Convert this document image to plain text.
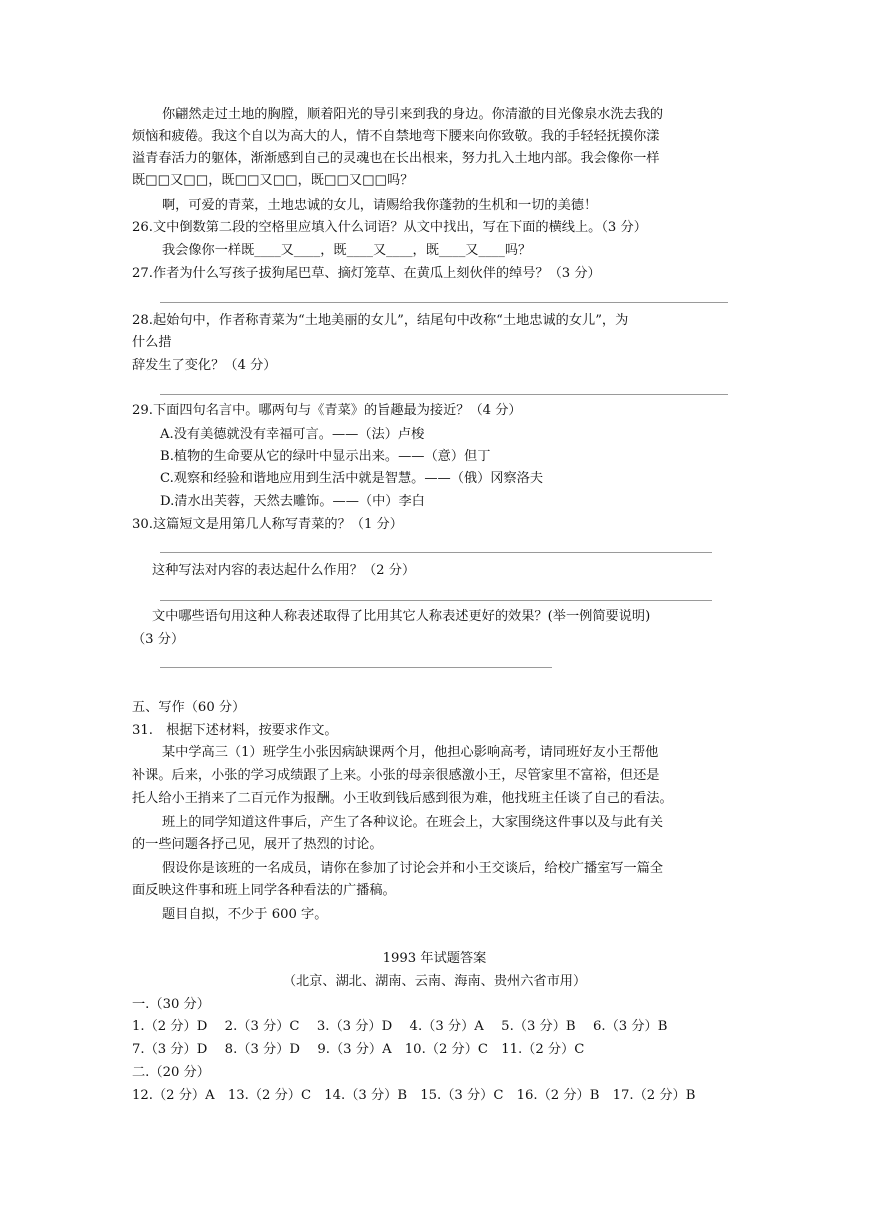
你翩然走过土地的胸膛，顺着阳光的导引来到我的身边。你清澈的目光像泉水洗去我的
烦恼和疲倦。我这个自以为高大的人，情不自禁地弯下腰来向你致敬。我的手轻轻抚摸你漾
溢青春活力的躯体，渐渐感到自己的灵魂也在长出根来，努力扎入土地内部。我会像你一样
既□□又□□，既□□又□□，既□□又□□吗？
啊，可爱的青菜，土地忠诚的女儿，请赐给我你蓬勃的生机和一切的美德！
26.文中倒数第二段的空格里应填入什么词语？从文中找出，写在下面的横线上。（3 分）
我会像你一样既____又____，既____又____，既____又____吗？
27.作者为什么写孩子拔狗尾巴草、摘灯笼草、在黄瓜上刻伙伴的绰号？（3 分）
28.起始句中，作者称青菜为“土地美丽的女儿”，结尾句中改称“土地忠诚的女儿”，为
什么措
辞发生了变化？（4 分）
29.下面四句名言中。哪两句与《青菜》的旨趣最为接近？（4 分）
A.没有美德就没有幸福可言。——（法）卢梭
B.植物的生命要从它的绿叶中显示出来。——（意）但丁
C.观察和经验和谐地应用到生活中就是智慧。——（俄）冈察洛夫
D.清水出芙蓉，天然去雕饰。——（中）李白
30.这篇短文是用第几人称写青菜的？（1 分）
这种写法对内容的表达起什么作用？（2 分）
文中哪些语句用这种人称表述取得了比用其它人称表述更好的效果？(举一例简要说明)
（3 分）
五、写作（60 分）
31.　根据下述材料，按要求作文。
某中学高三（1）班学生小张因病缺课两个月，他担心影响高考，请同班好友小王帮他
补课。后来，小张的学习成绩跟了上来。小张的母亲很感激小王，尽管家里不富裕，但还是
托人给小王捎来了二百元作为报酬。小王收到钱后感到很为难，他找班主任谈了自己的看法。
班上的同学知道这件事后，产生了各种议论。在班会上，大家围绕这件事以及与此有关
的一些问题各抒己见，展开了热烈的讨论。
假设你是该班的一名成员，请你在参加了讨论会并和小王交谈后，给校广播室写一篇全
面反映这件事和班上同学各种看法的广播稿。
题目自拟，不少于 600 字。
1993 年试题答案
（北京、湖北、湖南、云南、海南、贵州六省市用）
一.（30 分）
1.（2 分）D　 2.（3 分）C　 3.（3 分）D　 4.（3 分）A　 5.（3 分）B　 6.（3 分）B
7.（3 分）D　 8.（3 分）D　 9.（3 分）A　10.（2 分）C　11.（2 分）C
二.（20 分）
12.（2 分）A　13.（2 分）C　14.（3 分）B　15.（3 分）C　16.（2 分）B　17.（2 分）B
